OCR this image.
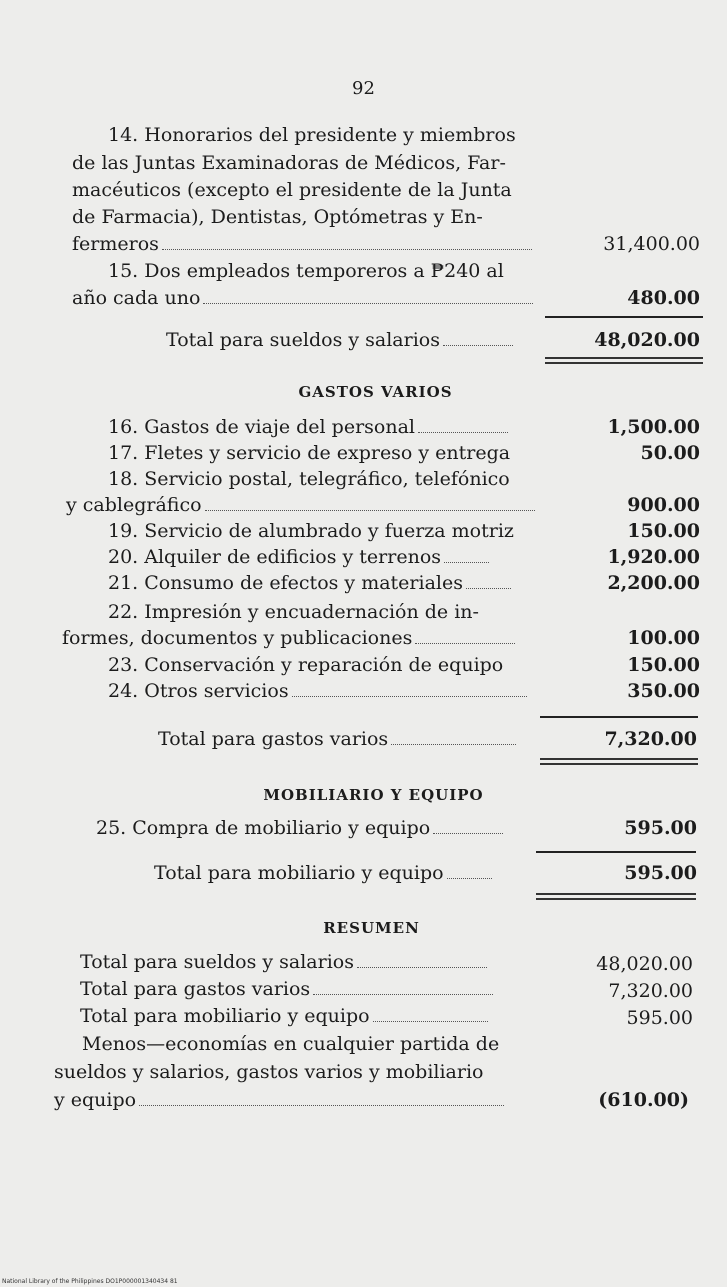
92
14. Honorarios del presidente y miembros
de las Juntas Examinadoras de Médicos, Far-
macéuticos (excepto el presidente de la Junta
de Farmacia), Dentistas, Optómetras y En-
fermeros	31,400.00
15. Dos empleados temporeros a ₱240 al
año cada uno	480.00
Total para sueldos y salarios	48,020.00
GASTOS VARIOS
16. Gastos de viaje del personal	1,500.00
17. Fletes y servicio de expreso y entrega	50.00
18. Servicio postal, telegráfico, telefónico
y cablegráfico	900.00
19. Servicio de alumbrado y fuerza motriz	150.00
20. Alquiler de edificios y terrenos	1,920.00
21. Consumo de efectos y materiales	2,200.00
22. Impresión y encuadernación de in-
formes, documentos y publicaciones	100.00
23. Conservación y reparación de equipo	150.00
24. Otros servicios	350.00
Total para gastos varios	7,320.00
MOBILIARIO Y EQUIPO
25. Compra de mobiliario y equipo	595.00
Total para mobiliario y equipo	595.00
RESUMEN
Total para sueldos y salarios	48,020.00
Total para gastos varios	7,320.00
Total para mobiliario y equipo	595.00
Menos—economías en cualquier partida de
sueldos y salarios, gastos varios y mobiliario
y equipo	(610.00)
National Library of the Philippines DO1P000001340434 81
